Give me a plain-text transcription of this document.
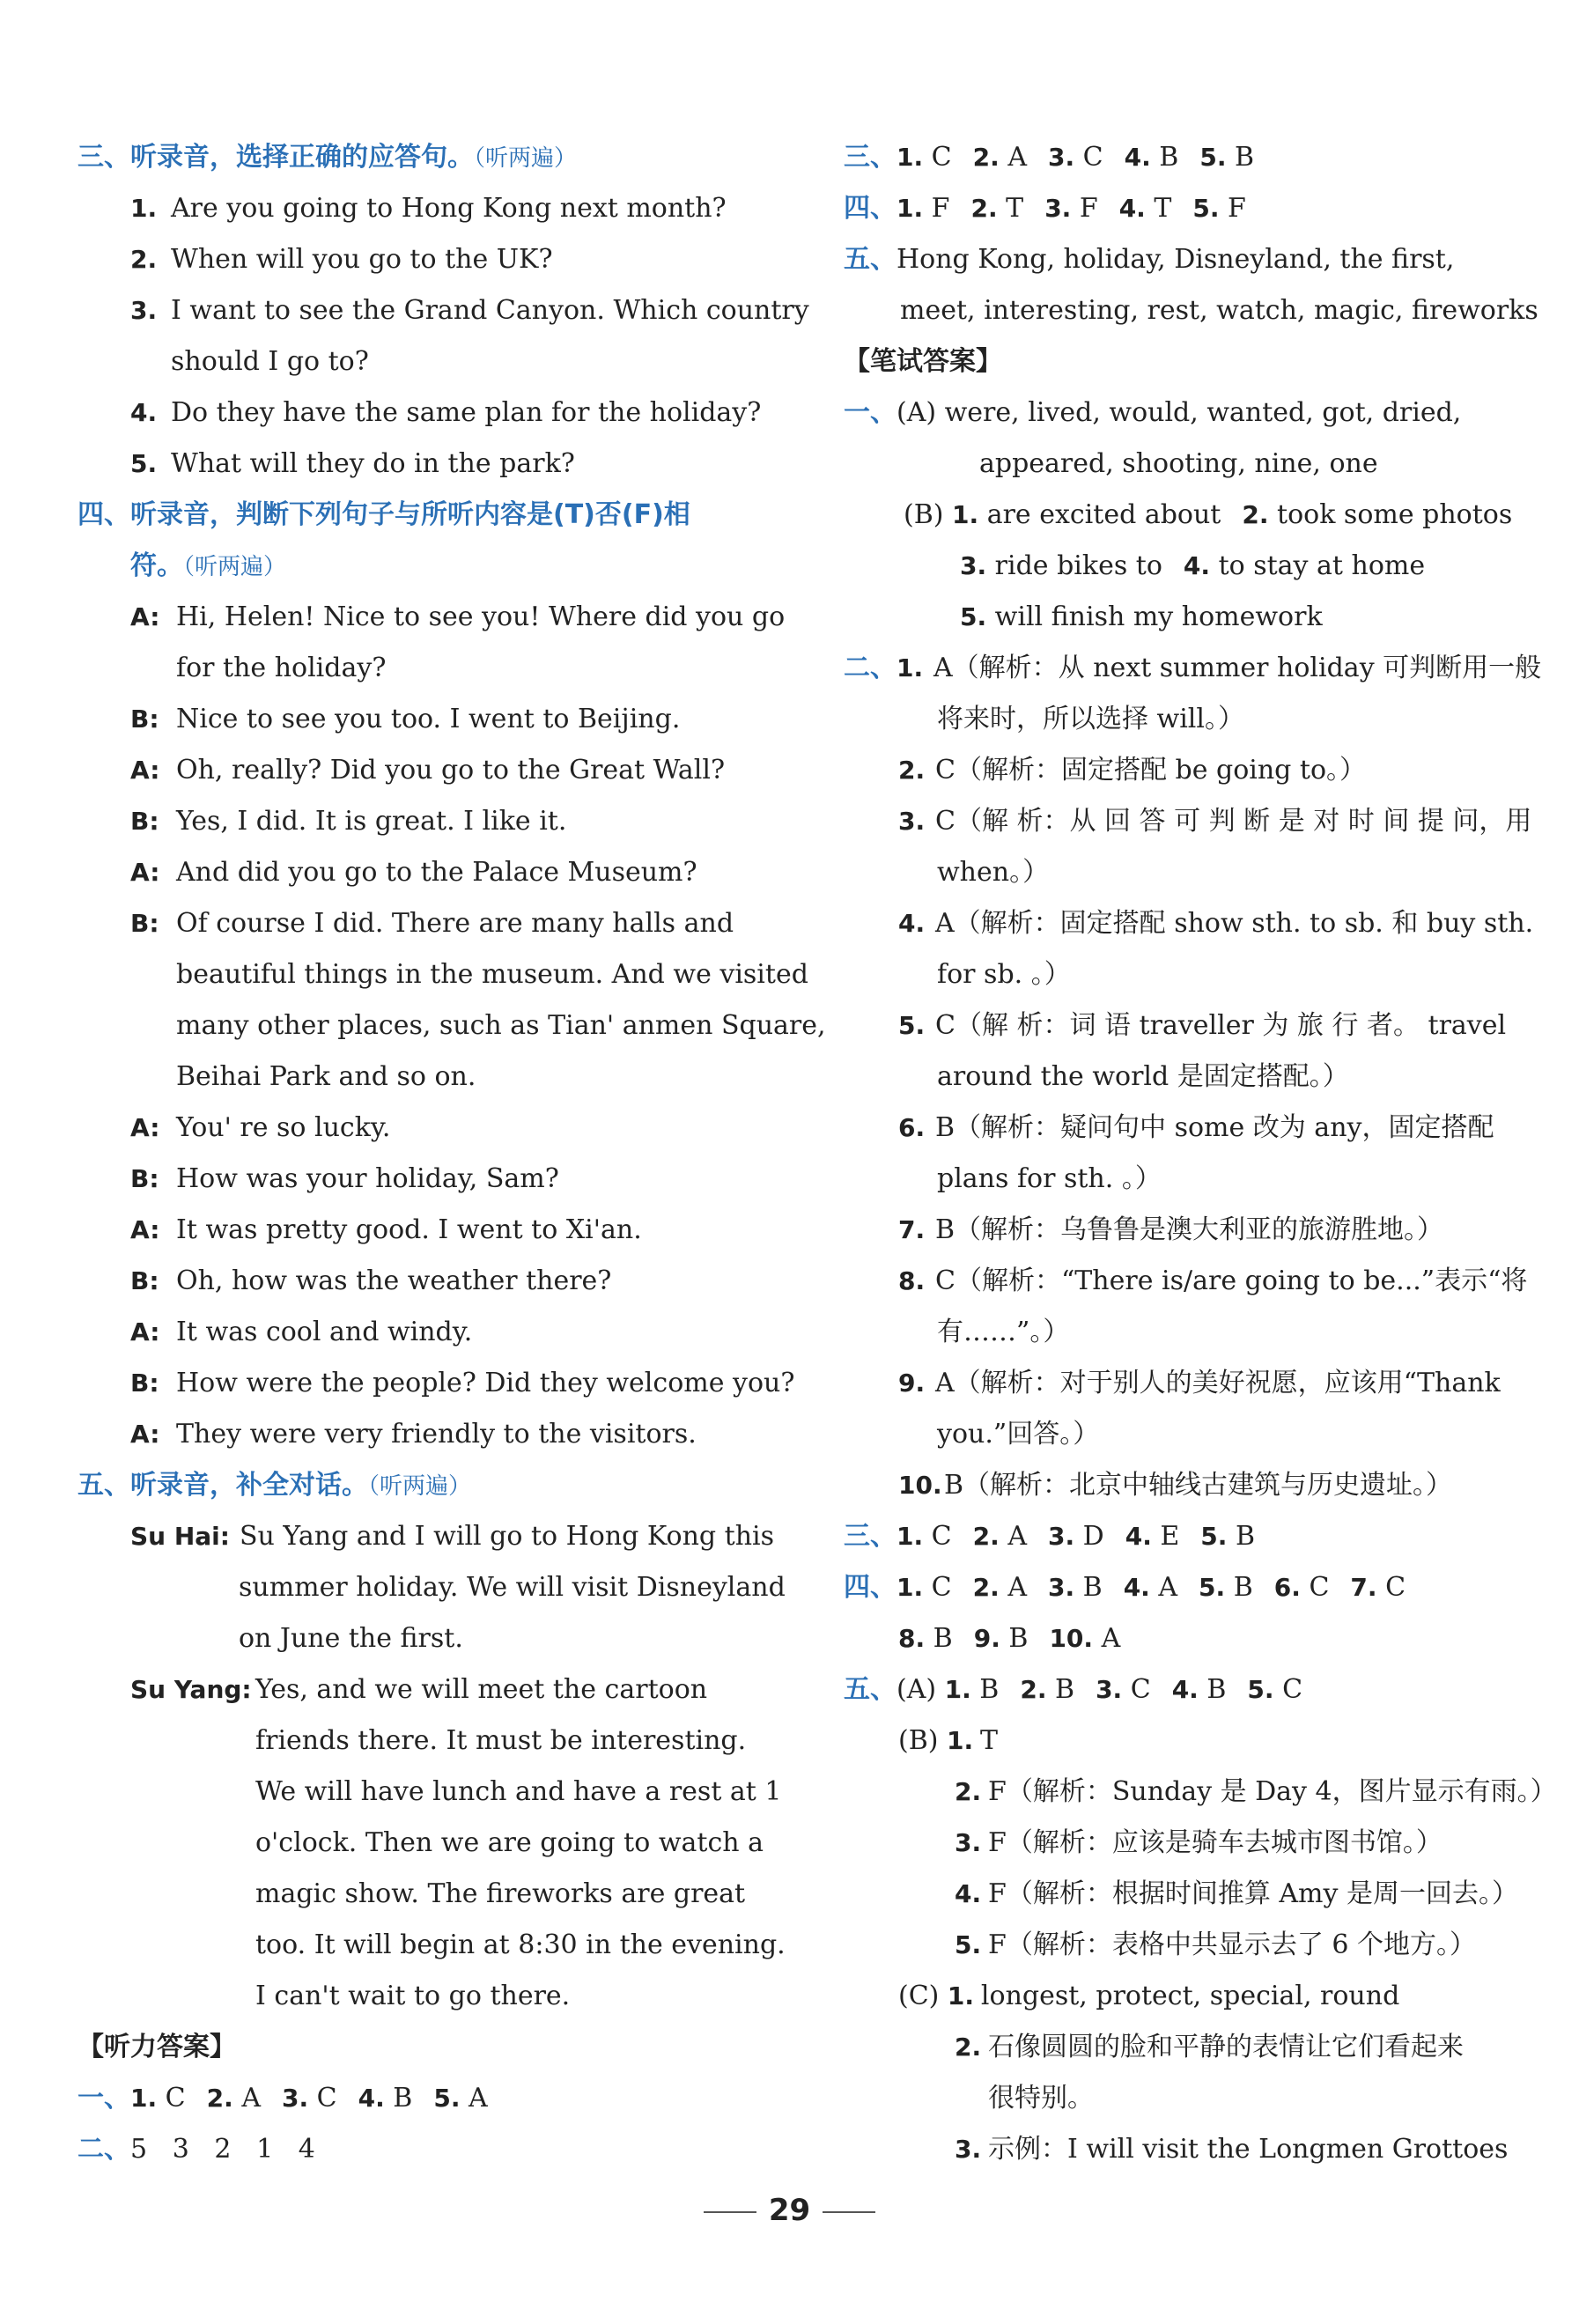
三、听录音，选择正确的应答句。（听两遍）
1. Are you going to Hong Kong next month?
2. When will you go to the UK?
3. I want to see the Grand Canyon. Which country
should I go to?
4. Do they have the same plan for the holiday?
5. What will they do in the park?
四、听录音，判断下列句子与所听内容是(T)否(F)相
符。（听两遍）
A: Hi, Helen! Nice to see you! Where did you go
for the holiday?
B: Nice to see you too. I went to Beijing.
A: Oh, really? Did you go to the Great Wall?
B: Yes, I did. It is great. I like it.
A: And did you go to the Palace Museum?
B: Of course I did. There are many halls and
beautiful things in the museum. And we visited
many other places, such as Tian' anmen Square,
Beihai Park and so on.
A: You' re so lucky.
B: How was your holiday, Sam?
A: It was pretty good. I went to Xi'an.
B: Oh, how was the weather there?
A: It was cool and windy.
B: How were the people? Did they welcome you?
A: They were very friendly to the visitors.
五、听录音，补全对话。（听两遍）
Su Hai: Su Yang and I will go to Hong Kong this
summer holiday. We will visit Disneyland
on June the first.
Su Yang: Yes, and we will meet the cartoon
friends there. It must be interesting.
We will have lunch and have a rest at 1
o'clock. Then we are going to watch a
magic show. The fireworks are great
too. It will begin at 8:30 in the evening.
I can't wait to go there.
【听力答案】
一、1. C 2. A 3. C 4. B 5. A
二、5   3   2   1   4
三、1. C 2. A 3. C 4. B 5. B
四、1. F 2. T 3. F 4. T 5. F
五、Hong Kong, holiday, Disneyland, the first,
meet, interesting, rest, watch, magic, fireworks
【笔试答案】
一、(A) were, lived, would, wanted, got, dried,
appeared, shooting, nine, one
(B) 1. are excited about 2. took some photos
3. ride bikes to 4. to stay at home
5. will finish my homework
二、1. A（解析：从 next summer holiday 可判断用一般
将来时，所以选择 will。）
2. C（解析：固定搭配 be going to。）
3. C（解 析：从 回 答 可 判 断 是 对 时 间 提 问，用
when。）
4. A（解析：固定搭配 show sth. to sb. 和 buy sth.
for sb. 。）
5. C（解 析：词 语 traveller 为 旅 行 者。 travel
around the world 是固定搭配。）
6. B（解析：疑问句中 some 改为 any，固定搭配
plans for sth. 。）
7. B（解析：乌鲁鲁是澳大利亚的旅游胜地。）
8. C（解析：“There is/are going to be...”表示“将
有……”。）
9. A（解析：对于别人的美好祝愿，应该用“Thank
you.”回答。）
10.B（解析：北京中轴线古建筑与历史遗址。）
三、1. C 2. A 3. D 4. E 5. B
四、1. C 2. A 3. B 4. A 5. B 6. C 7. C
8. B 9. B 10. A
五、(A) 1. B 2. B 3. C 4. B 5. C
(B) 1. T
2. F（解析：Sunday 是 Day 4，图片显示有雨。）
3. F（解析：应该是骑车去城市图书馆。）
4. F（解析：根据时间推算 Amy 是周一回去。）
5. F（解析：表格中共显示去了 6 个地方。）
(C) 1. longest, protect, special, round
2. 石像圆圆的脸和平静的表情让它们看起来
很特别。
3. 示例：I will visit the Longmen Grottoes
29
